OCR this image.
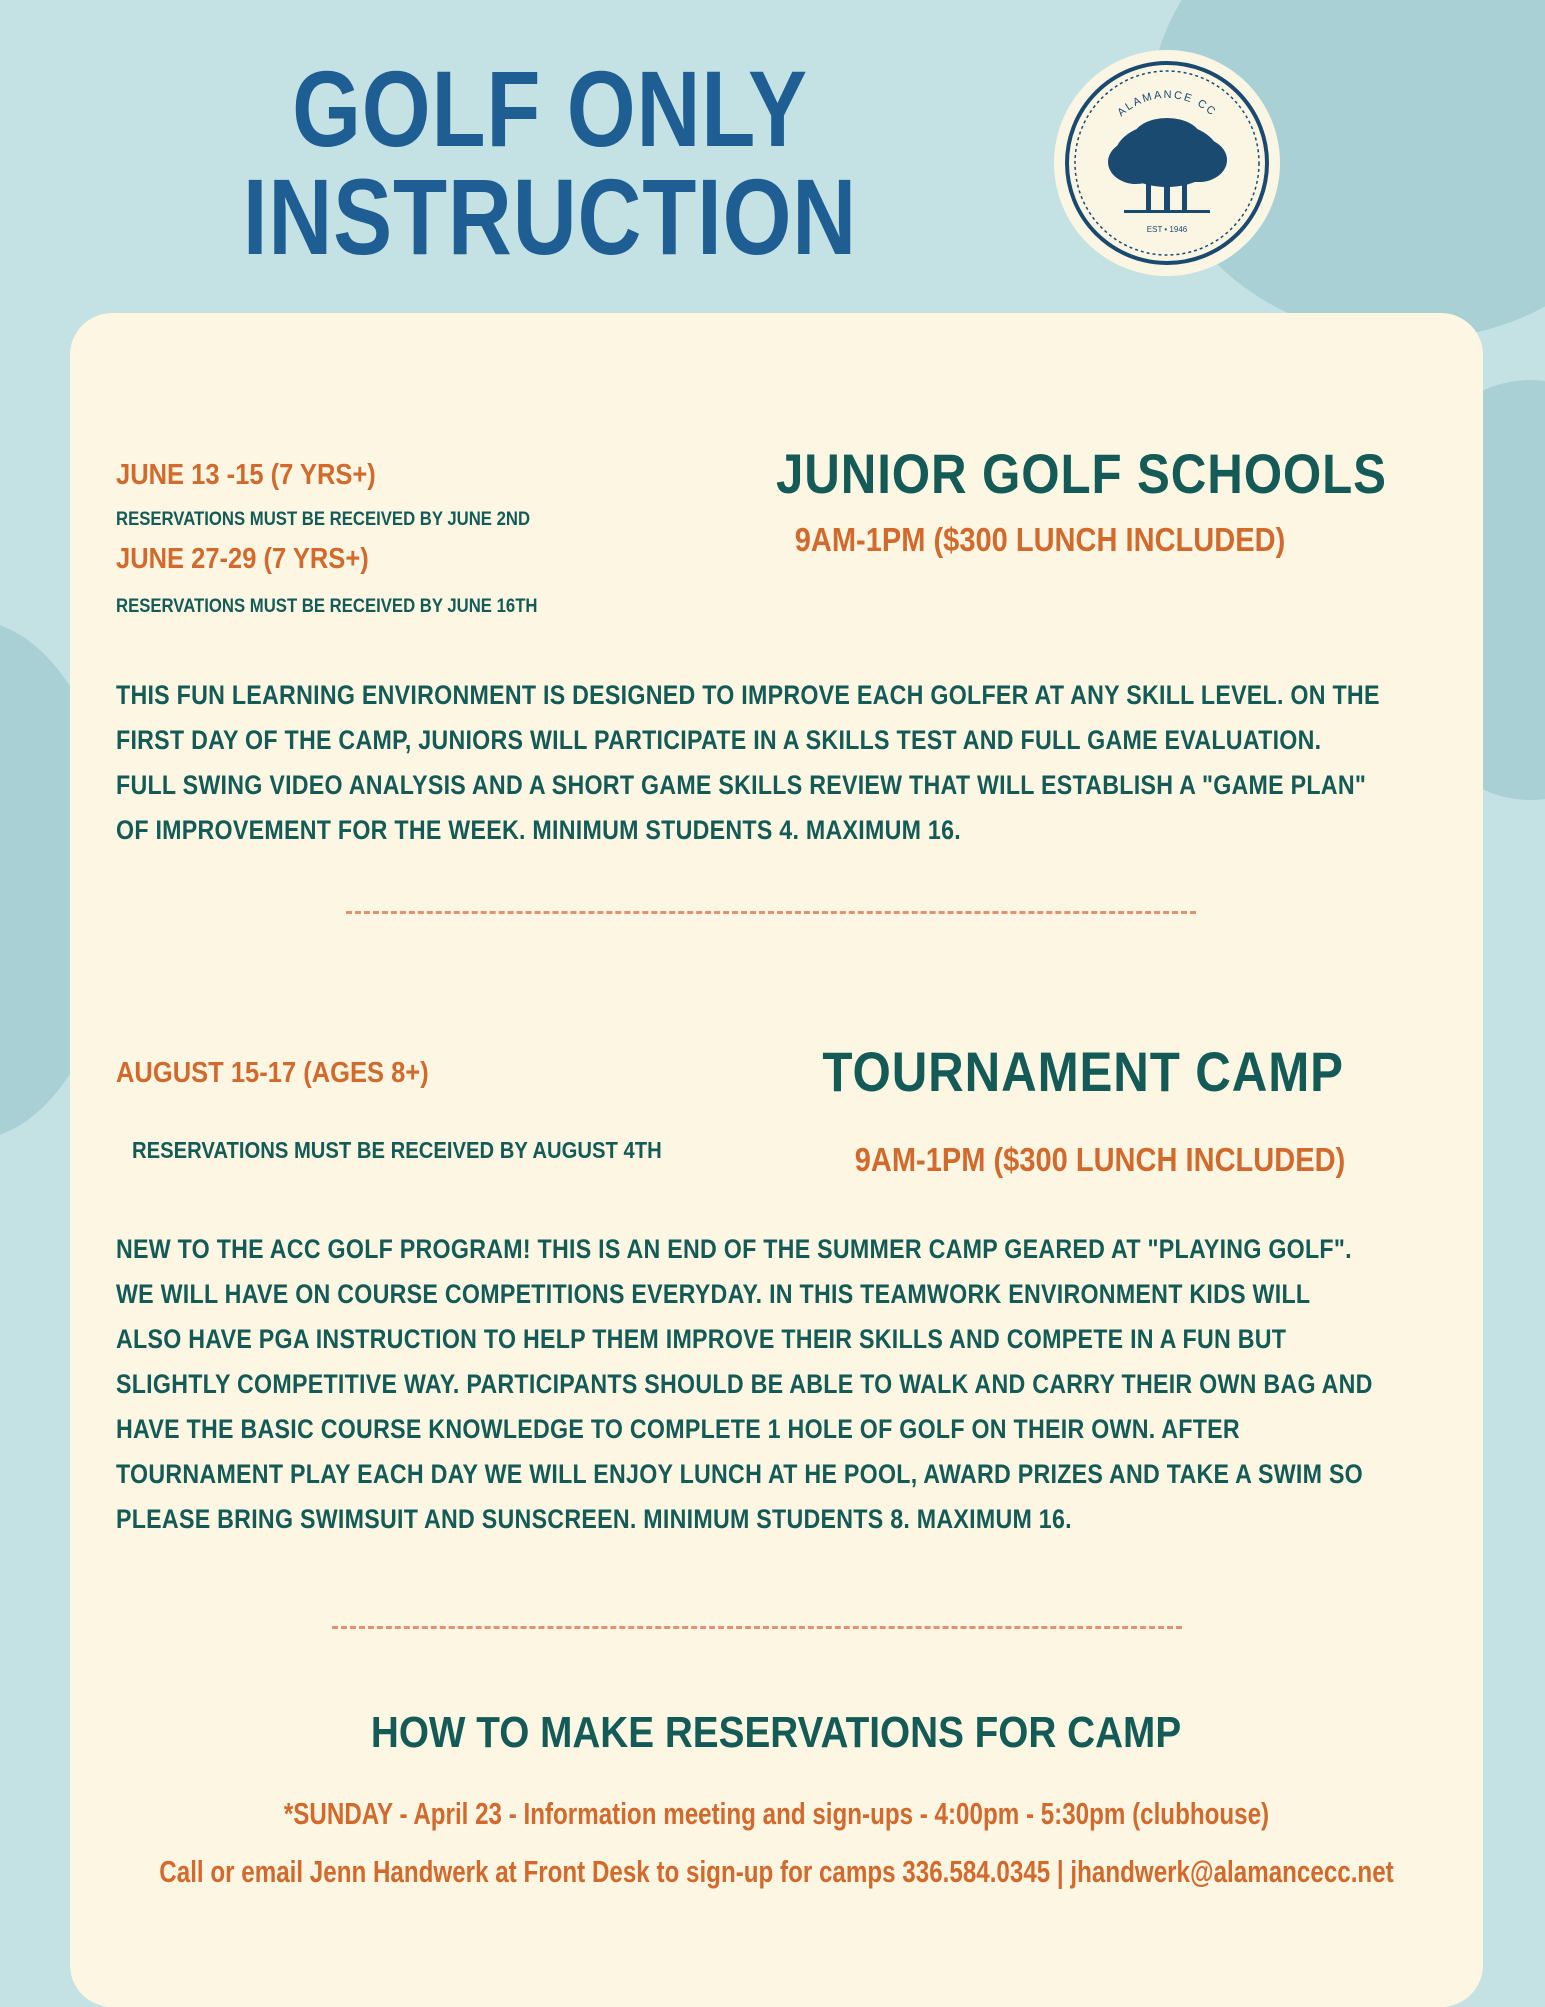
GOLF ONLY
INSTRUCTION
ALAMANCE CC
EST • 1946
JUNE 13 -15 (7 YRS+)
RESERVATIONS MUST BE RECEIVED BY JUNE 2ND
JUNE 27-29 (7 YRS+)
RESERVATIONS MUST BE RECEIVED BY JUNE 16TH
JUNIOR GOLF SCHOOLS
9AM-1PM ($300 LUNCH INCLUDED)
THIS FUN LEARNING ENVIRONMENT IS DESIGNED TO IMPROVE EACH GOLFER AT ANY SKILL LEVEL. ON THE
FIRST DAY OF THE CAMP, JUNIORS WILL PARTICIPATE IN A SKILLS TEST AND FULL GAME EVALUATION.
FULL SWING VIDEO ANALYSIS AND A SHORT GAME SKILLS REVIEW THAT WILL ESTABLISH A "GAME PLAN"
OF IMPROVEMENT FOR THE WEEK. MINIMUM STUDENTS 4. MAXIMUM 16.
AUGUST 15-17 (AGES 8+)
RESERVATIONS MUST BE RECEIVED BY AUGUST 4TH
TOURNAMENT CAMP
9AM-1PM ($300 LUNCH INCLUDED)
NEW TO THE ACC GOLF PROGRAM! THIS IS AN END OF THE SUMMER CAMP GEARED AT "PLAYING GOLF".
WE WILL HAVE ON COURSE COMPETITIONS EVERYDAY. IN THIS TEAMWORK ENVIRONMENT KIDS WILL
ALSO HAVE PGA INSTRUCTION TO HELP THEM IMPROVE THEIR SKILLS AND COMPETE IN A FUN BUT
SLIGHTLY COMPETITIVE WAY. PARTICIPANTS SHOULD BE ABLE TO WALK AND CARRY THEIR OWN BAG AND
HAVE THE BASIC COURSE KNOWLEDGE TO COMPLETE 1 HOLE OF GOLF ON THEIR OWN. AFTER
TOURNAMENT PLAY EACH DAY WE WILL ENJOY LUNCH AT HE POOL, AWARD PRIZES AND TAKE A SWIM SO
PLEASE BRING SWIMSUIT AND SUNSCREEN. MINIMUM STUDENTS 8. MAXIMUM 16.
HOW TO MAKE RESERVATIONS FOR CAMP
*SUNDAY - April 23 - Information meeting and sign-ups - 4:00pm - 5:30pm (clubhouse)
Call or email Jenn Handwerk at Front Desk to sign-up for camps 336.584.0345 | jhandwerk@alamancecc.net
